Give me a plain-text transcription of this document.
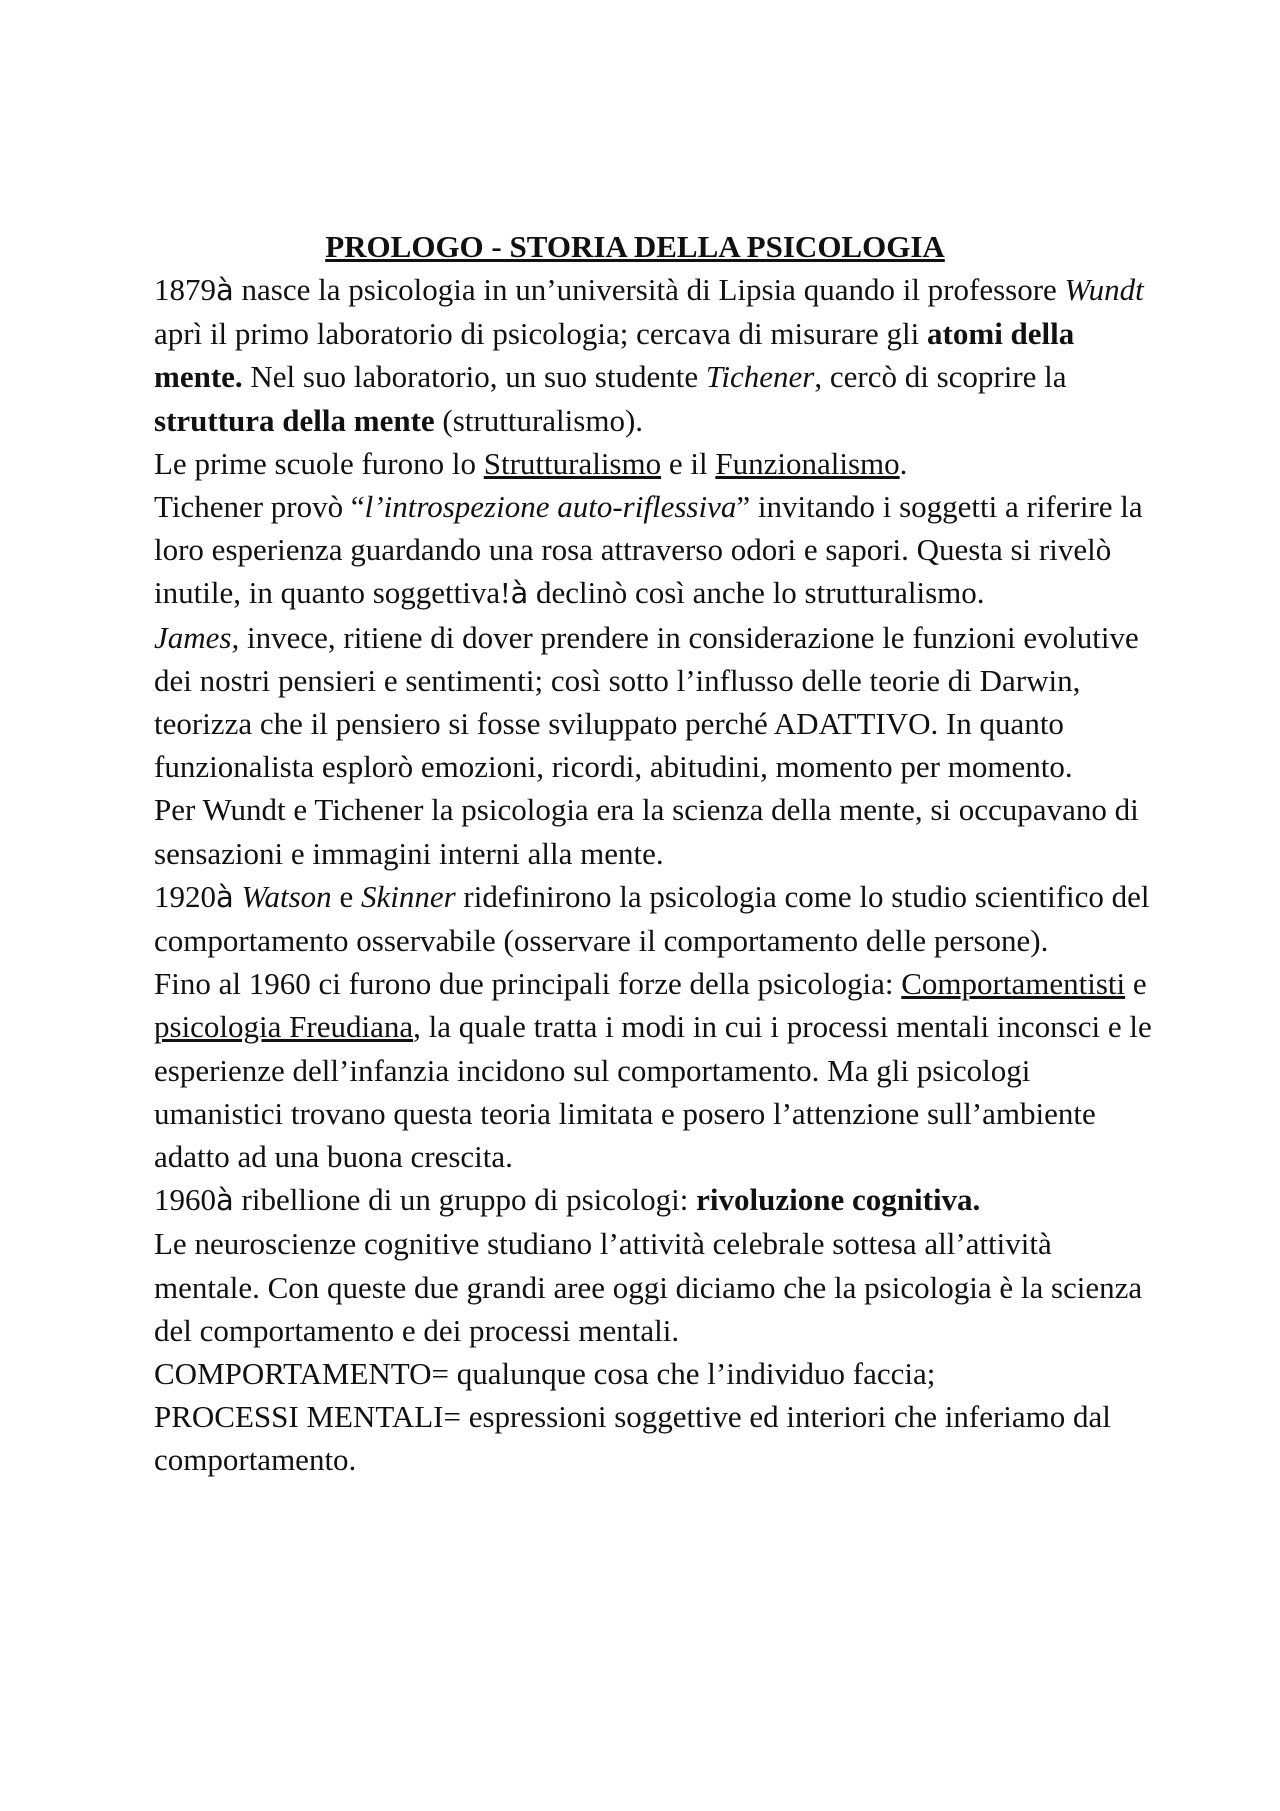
PROLOGO - STORIA DELLA PSICOLOGIA

1879à nasce la psicologia in un’università di Lipsia quando il professore Wundt aprì il primo laboratorio di psicologia; cercava di misurare gli atomi della mente. Nel suo laboratorio, un suo studente Tichener, cercò di scoprire la struttura della mente (strutturalismo).

Le prime scuole furono lo Strutturalismo e il Funzionalismo.

Tichener provò “l’introspezione auto-riflessiva” invitando i soggetti a riferire la loro esperienza guardando una rosa attraverso odori e sapori. Questa si rivelò inutile, in quanto soggettiva!à declinò così anche lo strutturalismo.

James, invece, ritiene di dover prendere in considerazione le funzioni evolutive dei nostri pensieri e sentimenti; così sotto l’influsso delle teorie di Darwin, teorizza che il pensiero si fosse sviluppato perché ADATTIVO. In quanto funzionalista esplorò emozioni, ricordi, abitudini, momento per momento.

Per Wundt e Tichener la psicologia era la scienza della mente, si occupavano di sensazioni e immagini interni alla mente.

1920à Watson e Skinner ridefinirono la psicologia come lo studio scientifico del comportamento osservabile (osservare il comportamento delle persone).

Fino al 1960 ci furono due principali forze della psicologia: Comportamentisti e psicologia Freudiana, la quale tratta i modi in cui i processi mentali inconsci e le esperienze dell’infanzia incidono sul comportamento. Ma gli psicologi umanistici trovano questa teoria limitata e posero l’attenzione sull’ambiente adatto ad una buona crescita.

1960à ribellione di un gruppo di psicologi: rivoluzione cognitiva.

Le neuroscienze cognitive studiano l’attività celebrale sottesa all’attività mentale. Con queste due grandi aree oggi diciamo che la psicologia è la scienza del comportamento e dei processi mentali.

COMPORTAMENTO= qualunque cosa che l’individuo faccia;

PROCESSI MENTALI= espressioni soggettive ed interiori che inferiamo dal comportamento.
